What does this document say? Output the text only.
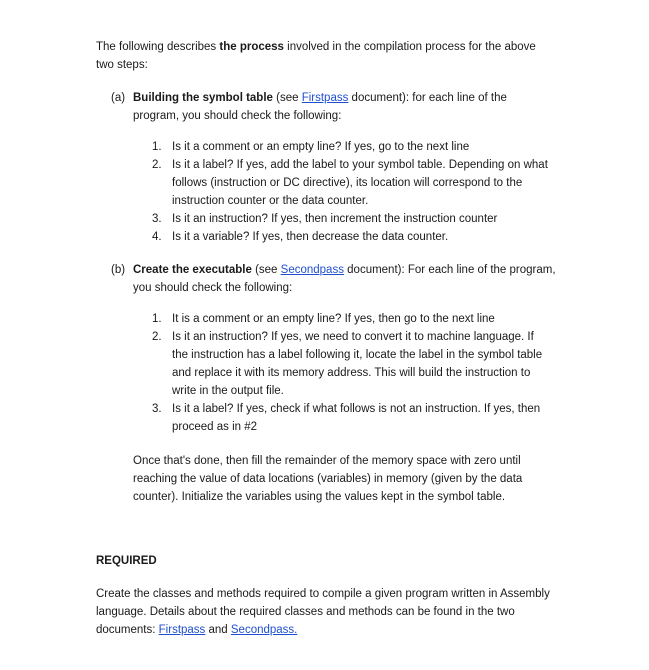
The following describes the process involved in the compilation process for the above two steps:

(a) Building the symbol table (see Firstpass document): for each line of the
program, you should check the following:

1. Is it a comment or an empty line? If yes, go to the next line
2. Is it a label? If yes, add the label to your symbol table. Depending on what follows (instruction or DC directive), its location will correspond to the instruction counter or the data counter.
3. Is it an instruction? If yes, then increment the instruction counter
4. Is it a variable? If yes, then decrease the data counter.

(b) Create the executable (see Secondpass document): For each line of the program,
you should check the following:

1. It is a comment or an empty line? If yes, then go to the next line
2. Is it an instruction? If yes, we need to convert it to machine language. If the instruction has a label following it, locate the label in the symbol table and replace it with its memory address. This will build the instruction to write in the output file.
3. Is it a label? If yes, check if what follows is not an instruction. If yes, then proceed as in #2

Once that's done, then fill the remainder of the memory space with zero until reaching the value of data locations (variables) in memory (given by the data counter). Initialize the variables using the values kept in the symbol table.

REQUIRED

Create the classes and methods required to compile a given program written in Assembly language. Details about the required classes and methods can be found in the two documents: Firstpass and Secondpass.
